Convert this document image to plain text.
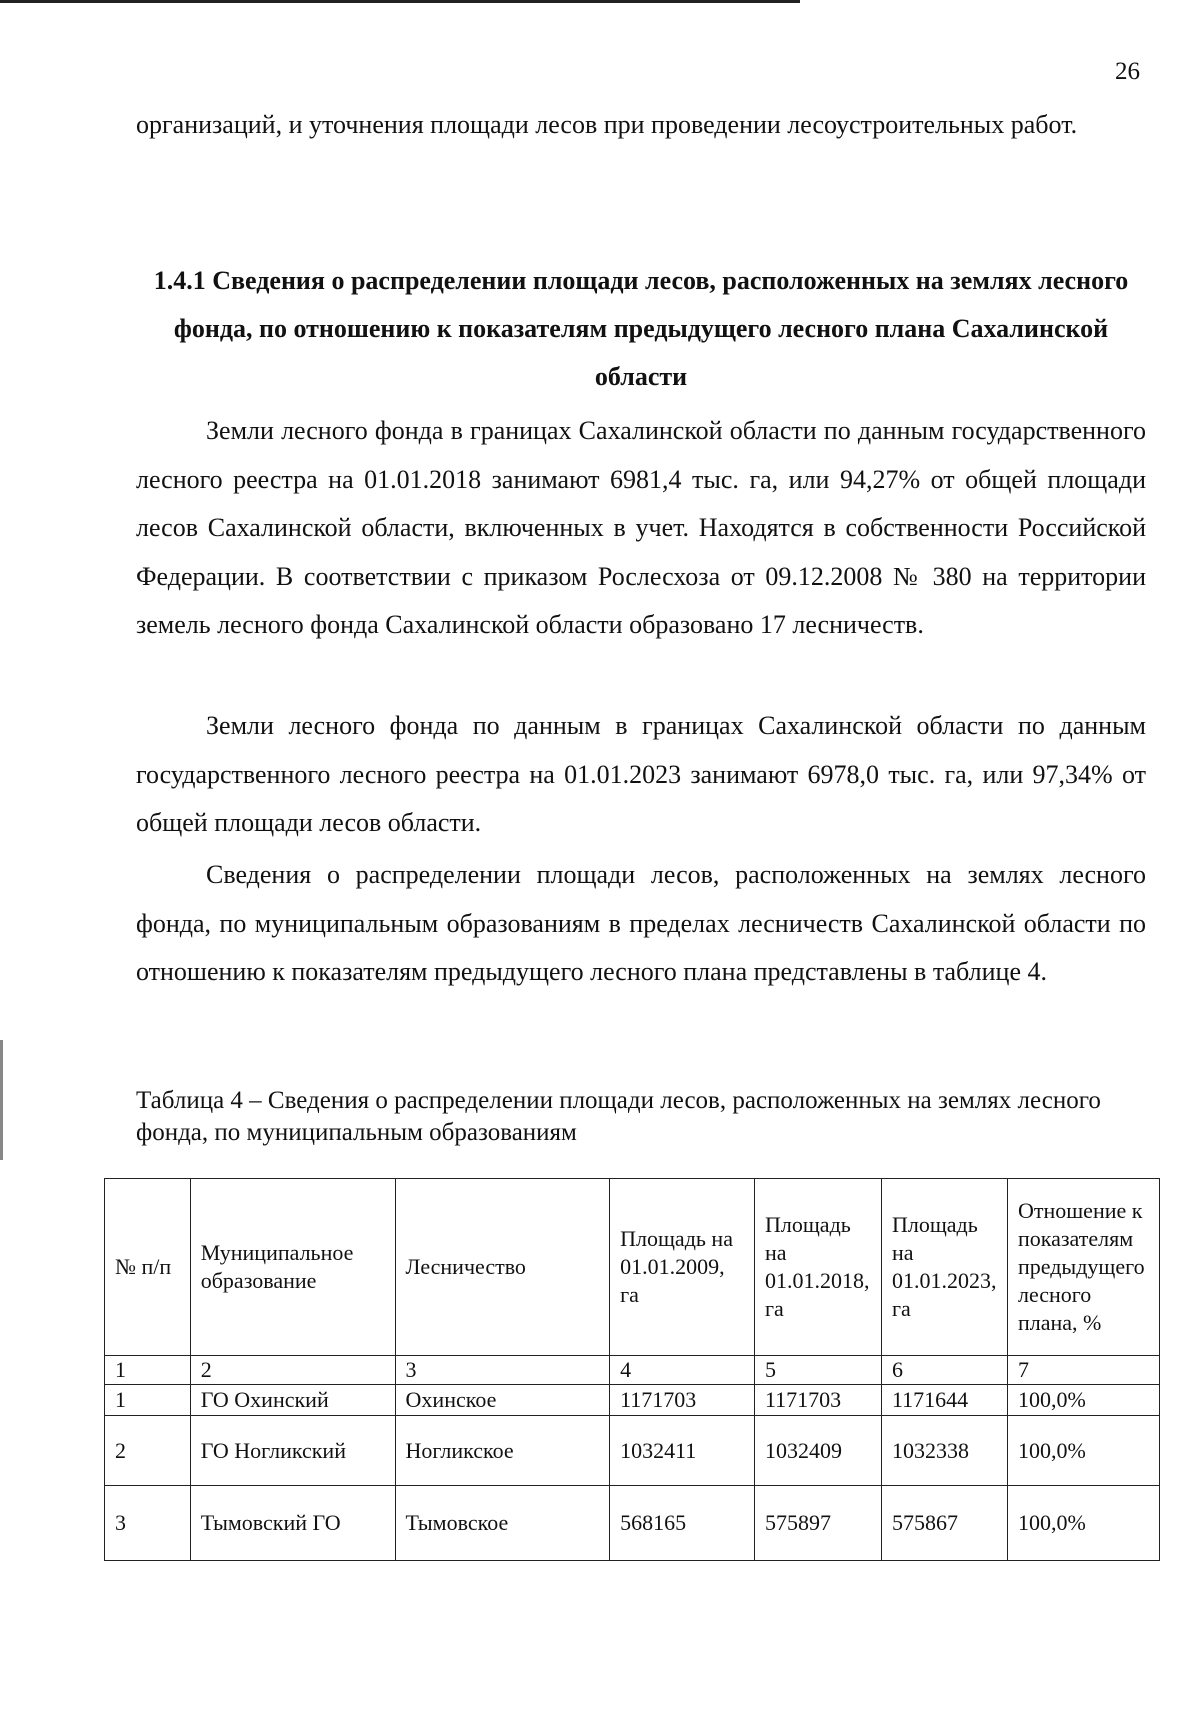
26

организаций, и уточнения площади лесов при проведении лесоустроительных работ.

1.4.1 Сведения о распределении площади лесов, расположенных на землях лесного фонда, по отношению к показателям предыдущего лесного плана Сахалинской области

Земли лесного фонда в границах Сахалинской области по данным государственного лесного реестра на 01.01.2018 занимают 6981,4 тыс. га, или 94,27% от общей площади лесов Сахалинской области, включенных в учет. Находятся в собственности Российской Федерации. В соответствии с приказом Рослесхоза от 09.12.2008 № 380 на территории земель лесного фонда Сахалинской области образовано 17 лесничеств.

Земли лесного фонда по данным в границах Сахалинской области по данным государственного лесного реестра на 01.01.2023 занимают 6978,0 тыс. га, или 97,34% от общей площади лесов области.

Сведения о распределении площади лесов, расположенных на землях лесного фонда, по муниципальным образованиям в пределах лесничеств Сахалинской области по отношению к показателям предыдущего лесного плана представлены в таблице 4.

Таблица 4 – Сведения о распределении площади лесов, расположенных на землях лесного фонда, по муниципальным образованиям

№ п/п	Муниципальное образование	Лесничество	Площадь на 01.01.2009, га	Площадь на 01.01.2018, га	Площадь на 01.01.2023, га	Отношение к показателям предыдущего лесного плана, %
1	2	3	4	5	6	7
1	ГО Охинский	Охинское	1171703	1171703	1171644	100,0%
2	ГО Ногликский	Ногликское	1032411	1032409	1032338	100,0%
3	Тымовский ГО	Тымовское	568165	575897	575867	100,0%
